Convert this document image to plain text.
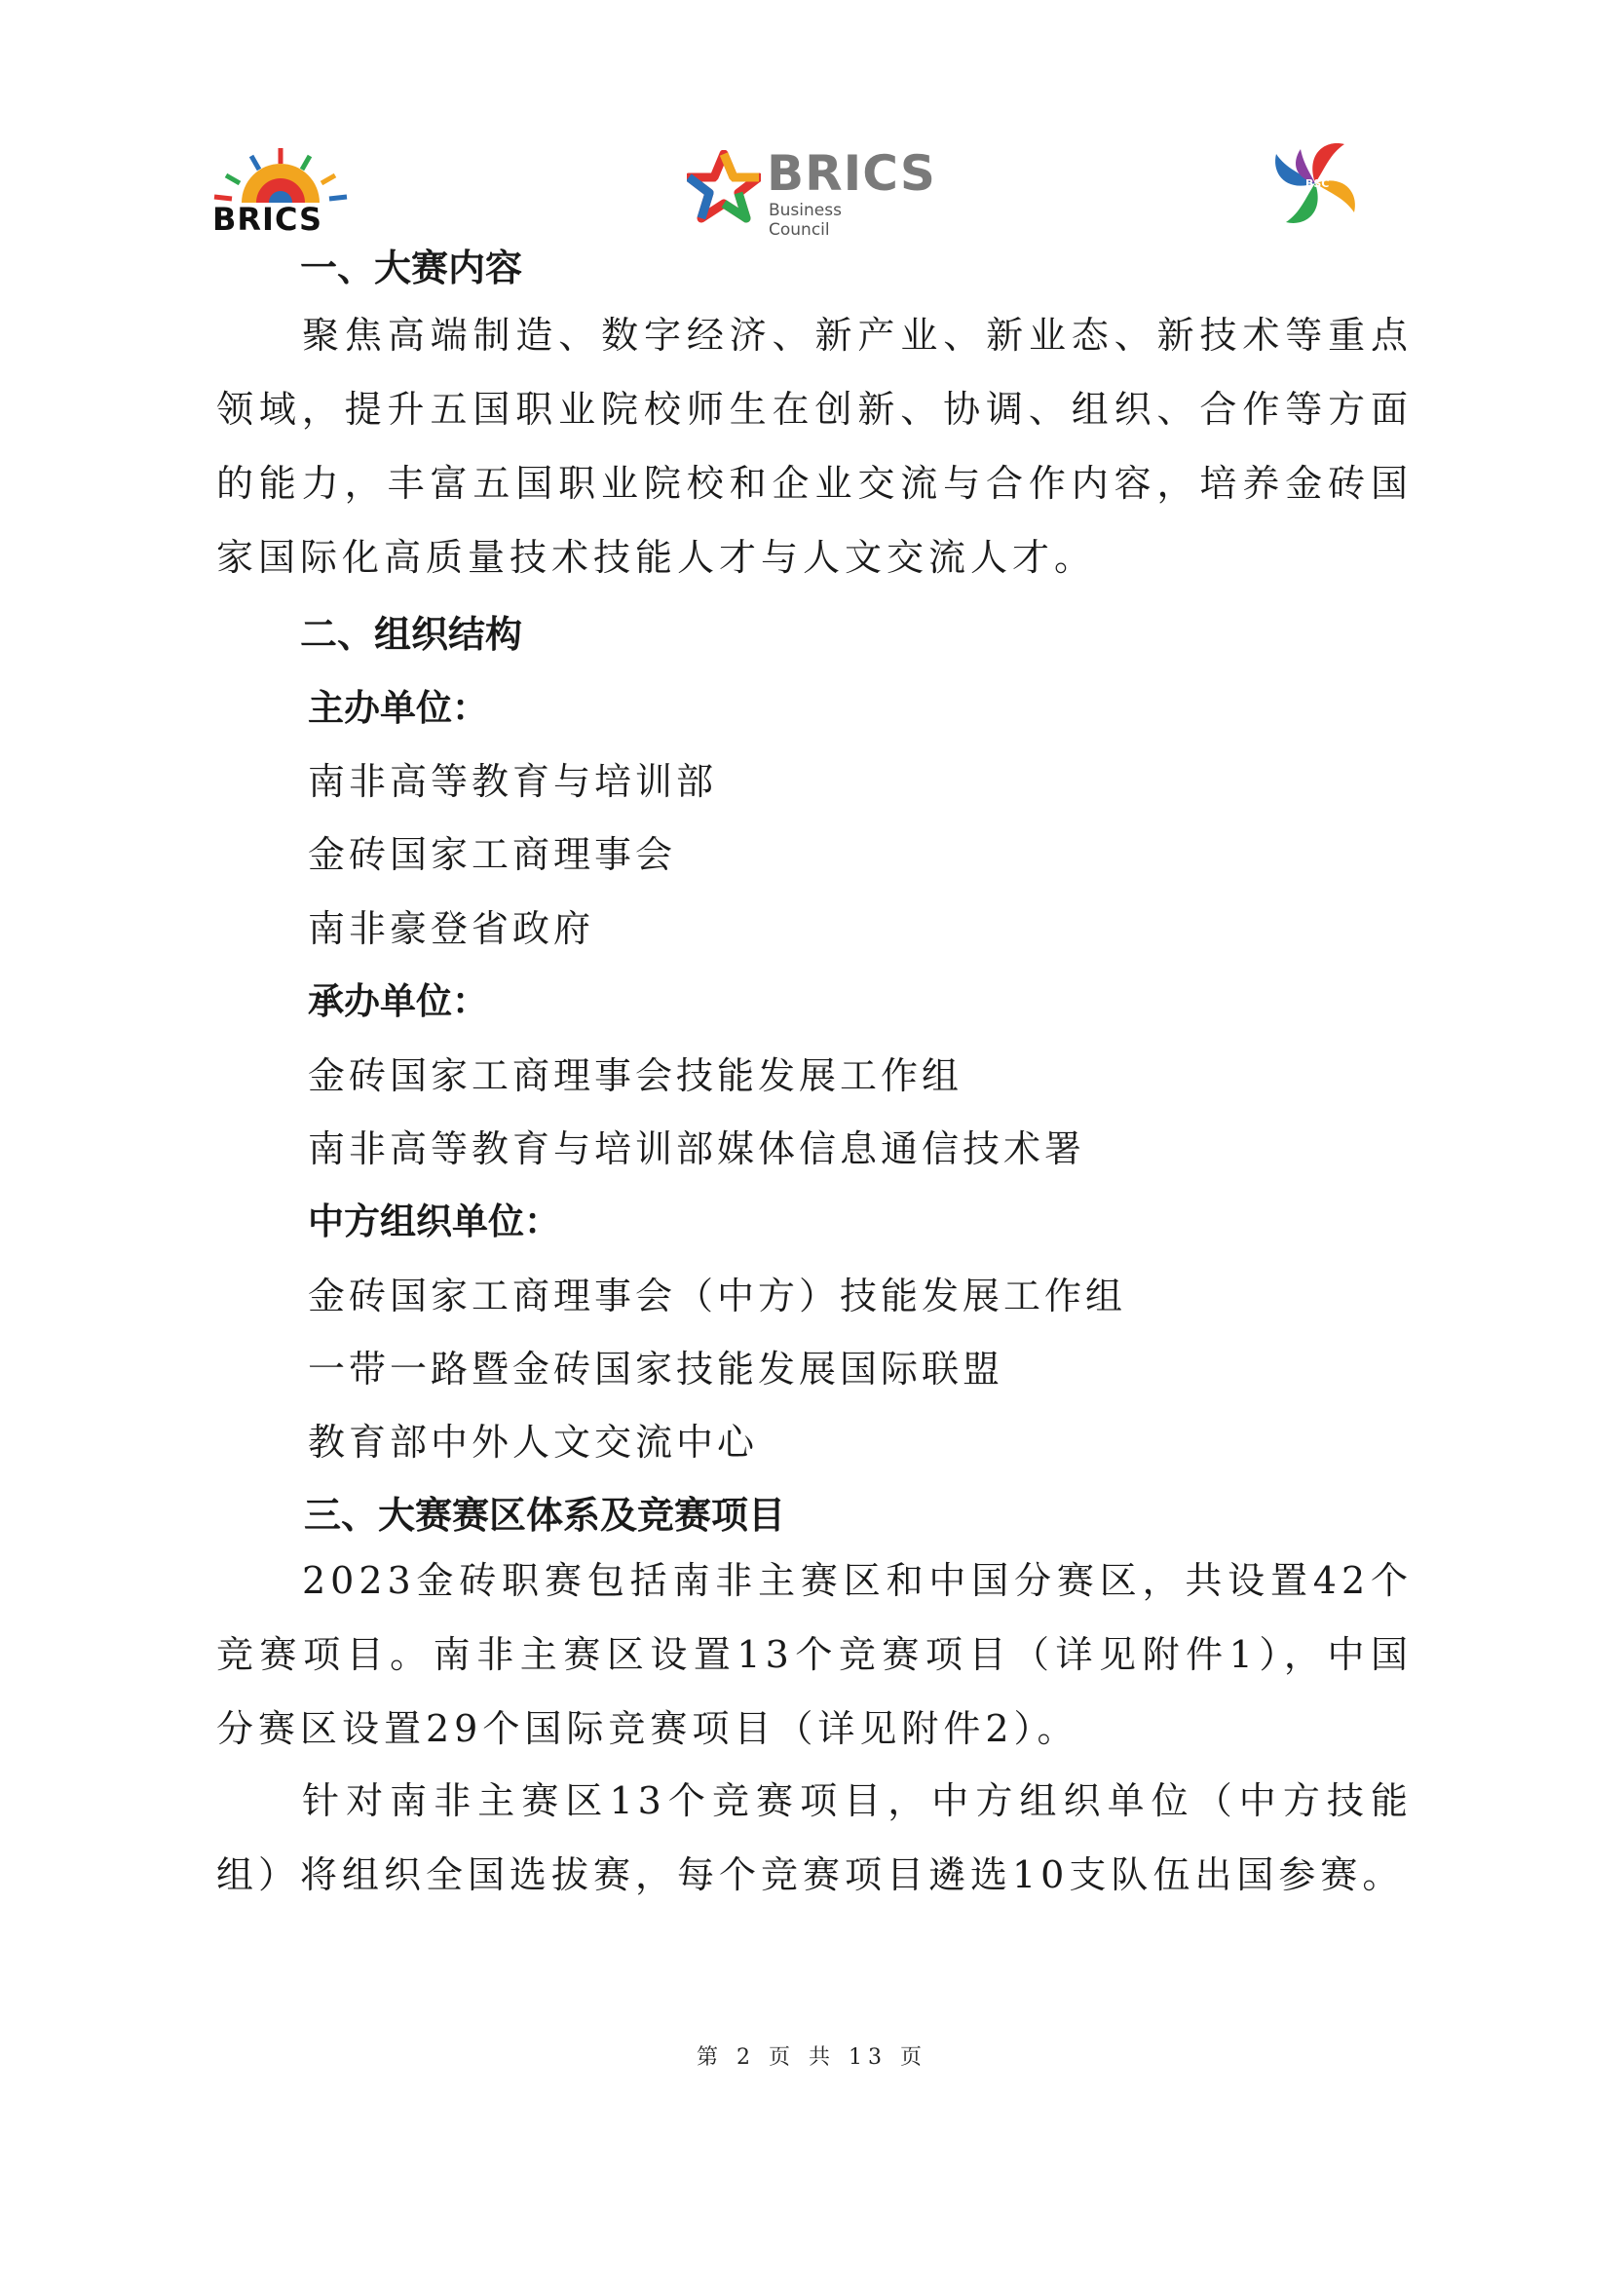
BRICS
BRICS
Business Council
BSC
一、大赛内容
聚焦高端制造、数字经济、新产业、新业态、新技术等重点领域，提升五国职业院校师生在创新、协调、组织、合作等方面的能力，丰富五国职业院校和企业交流与合作内容，培养金砖国家国际化高质量技术技能人才与人文交流人才。
二、组织结构
主办单位：
南非高等教育与培训部
金砖国家工商理事会
南非豪登省政府
承办单位：
金砖国家工商理事会技能发展工作组
南非高等教育与培训部媒体信息通信技术署
中方组织单位：
金砖国家工商理事会（中方）技能发展工作组
一带一路暨金砖国家技能发展国际联盟
教育部中外人文交流中心
三、大赛赛区体系及竞赛项目
2023金砖职赛包括南非主赛区和中国分赛区，共设置42个竞赛项目。南非主赛区设置13个竞赛项目（详见附件1），中国分赛区设置29个国际竞赛项目（详见附件2）。
针对南非主赛区13个竞赛项目，中方组织单位（中方技能组）将组织全国选拔赛，每个竞赛项目遴选10支队伍出国参赛。
第 2 页 共 13 页
